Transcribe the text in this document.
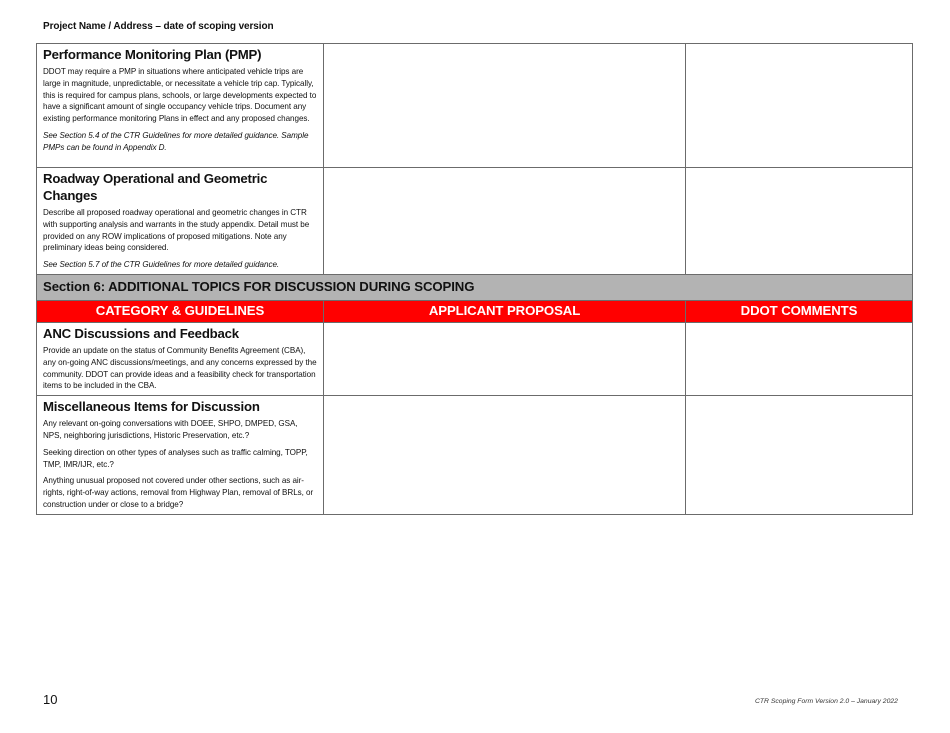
Project Name / Address – date of scoping version
Performance Monitoring Plan (PMP)

DDOT may require a PMP in situations where anticipated vehicle trips are large in magnitude, unpredictable, or necessitate a vehicle trip cap. Typically, this is required for campus plans, schools, or large developments expected to have a significant amount of single occupancy vehicle trips. Document any existing performance monitoring Plans in effect and any proposed changes.

See Section 5.4 of the CTR Guidelines for more detailed guidance. Sample PMPs can be found in Appendix D.		

Roadway Operational and Geometric Changes

Describe all proposed roadway operational and geometric changes in CTR with supporting analysis and warrants in the study appendix. Detail must be provided on any ROW implications of proposed mitigations. Note any preliminary ideas being considered.

See Section 5.7 of the CTR Guidelines for more detailed guidance.		

Section 6: ADDITIONAL TOPICS FOR DISCUSSION DURING SCOPING		
CATEGORY & GUIDELINES	APPLICANT PROPOSAL	DDOT COMMENTS

ANC Discussions and Feedback

Provide an update on the status of Community Benefits Agreement (CBA), any on-going ANC discussions/meetings, and any concerns expressed by the community. DDOT can provide ideas and a feasibility check for transportation items to be included in the CBA.		

Miscellaneous Items for Discussion

Any relevant on-going conversations with DOEE, SHPO, DMPED, GSA, NPS, neighboring jurisdictions, Historic Preservation, etc.?

Seeking direction on other types of analyses such as traffic calming, TOPP, TMP, IMR/IJR, etc.?

Anything unusual proposed not covered under other sections, such as air-rights, right-of-way actions, removal from Highway Plan, removal of BRLs, or construction under or close to a bridge?		

10	CTR Scoping Form Version 2.0 – January 2022
